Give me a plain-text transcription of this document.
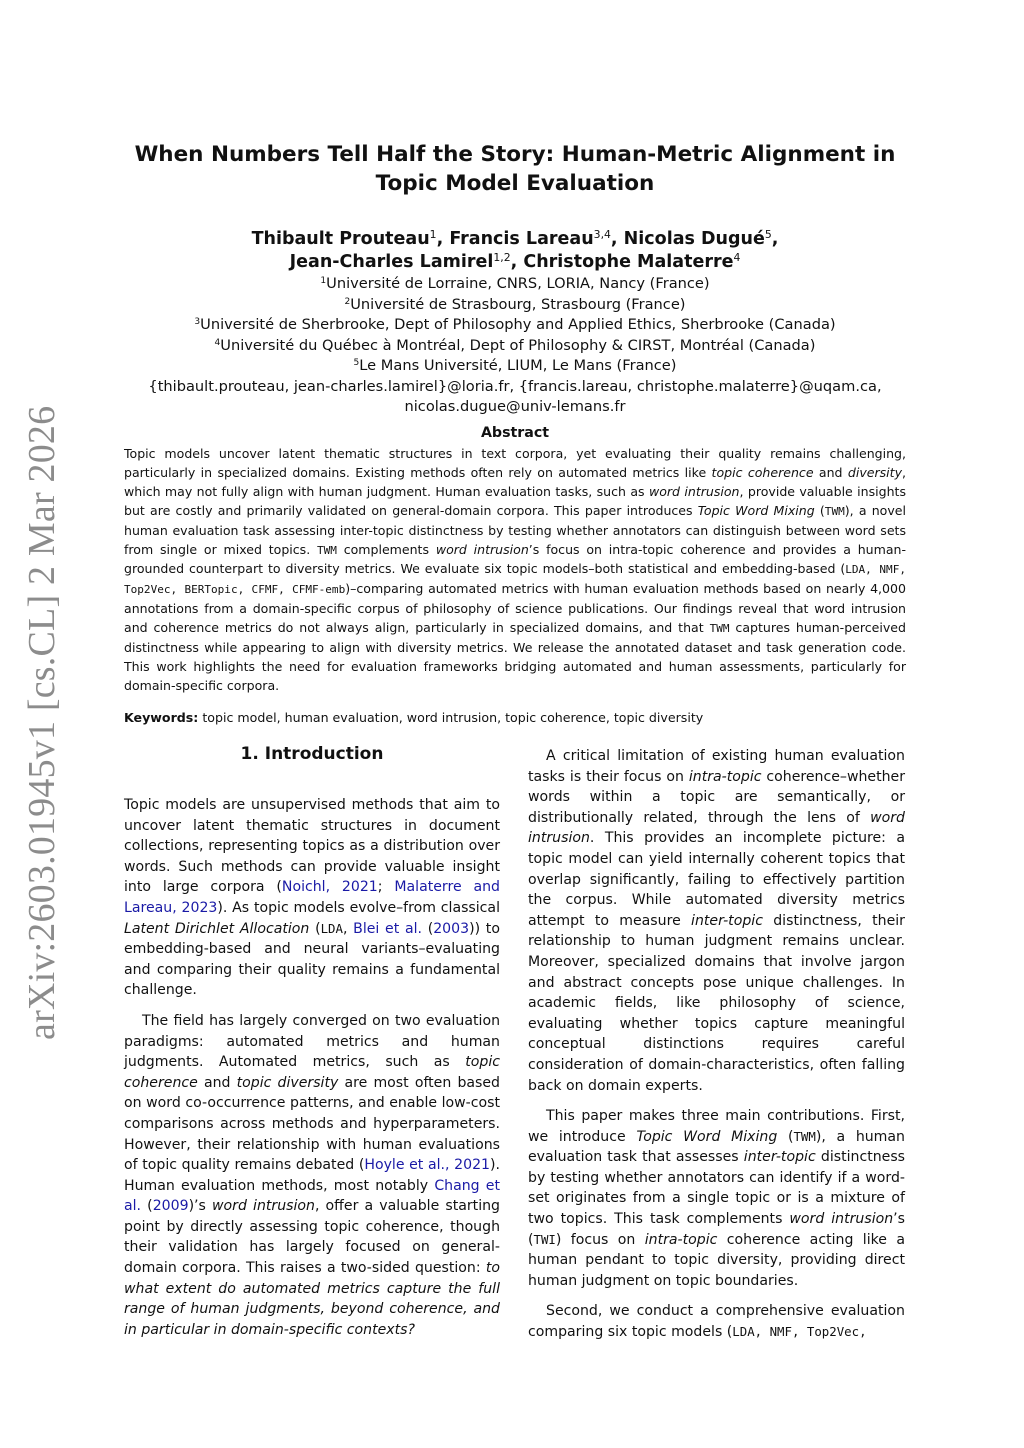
arXiv:2603.01945v1 [cs.CL] 2 Mar 2026
When Numbers Tell Half the Story: Human-Metric Alignment in
Topic Model Evaluation
Thibault Prouteau$^1$, Francis Lareau$^{3,4}$, Nicolas Dugué$^5$,
Jean-Charles Lamirel$^{1,2}$, Christophe Malaterre$^4$
$^1$Université de Lorraine, CNRS, LORIA, Nancy (France)
$^2$Université de Strasbourg, Strasbourg (France)
$^3$Université de Sherbrooke, Dept of Philosophy and Applied Ethics, Sherbrooke (Canada)
$^4$Université du Québec à Montréal, Dept of Philosophy & CIRST, Montréal (Canada)
$^5$Le Mans Université, LIUM, Le Mans (France)
{thibault.prouteau, jean-charles.lamirel}@loria.fr, {francis.lareau, christophe.malaterre}@uqam.ca,
nicolas.dugue@univ-lemans.fr
Abstract
Topic models uncover latent thematic structures in text corpora, yet evaluating their quality remains challenging, particularly in specialized domains. Existing methods often rely on automated metrics like topic coherence and diversity, which may not fully align with human judgment. Human evaluation tasks, such as word intrusion, provide valuable insights but are costly and primarily validated on general-domain corpora. This paper introduces Topic Word Mixing (TWM), a novel human evaluation task assessing inter-topic distinctness by testing whether annotators can distinguish between word sets from single or mixed topics. TWM complements word intrusion’s focus on intra-topic coherence and provides a human-grounded counterpart to diversity metrics. We evaluate six topic models–both statistical and embedding-based (LDA, NMF, Top2Vec, BERTopic, CFMF, CFMF-emb)–comparing automated metrics with human evaluation methods based on nearly 4,000 annotations from a domain-specific corpus of philosophy of science publications. Our findings reveal that word intrusion and coherence metrics do not always align, particularly in specialized domains, and that TWM captures human-perceived distinctness while appearing to align with diversity metrics. We release the annotated dataset and task generation code. This work highlights the need for evaluation frameworks bridging automated and human assessments, particularly for domain-specific corpora.
Keywords: topic model, human evaluation, word intrusion, topic coherence, topic diversity
1. Introduction

Topic models are unsupervised methods that aim to uncover latent thematic structures in document collections, representing topics as a distribution over words. Such methods can provide valuable insight into large corpora (Noichl, 2021; Malaterre and Lareau, 2023). As topic models evolve–from classical Latent Dirichlet Allocation (LDA, Blei et al. (2003)) to embedding-based and neural variants–evaluating and comparing their quality remains a fundamental challenge.

The field has largely converged on two evaluation paradigms: automated metrics and human judgments. Automated metrics, such as topic coherence and topic diversity are most often based on word co-occurrence patterns, and enable low-cost comparisons across methods and hyperparameters. However, their relationship with human evaluations of topic quality remains debated (Hoyle et al., 2021). Human evaluation methods, most notably Chang et al. (2009)’s word intrusion, offer a valuable starting point by directly assessing topic coherence, though their validation has largely focused on general-domain corpora. This raises a two-sided question: to what extent do automated metrics capture the full range of human judgments, beyond coherence, and in particular in domain-specific contexts?

A critical limitation of existing human evaluation tasks is their focus on intra-topic coherence–whether words within a topic are semantically, or distributionally related, through the lens of word intrusion. This provides an incomplete picture: a topic model can yield internally coherent topics that overlap significantly, failing to effectively partition the corpus. While automated diversity metrics attempt to measure inter-topic distinctness, their relationship to human judgment remains unclear. Moreover, specialized domains that involve jargon and abstract concepts pose unique challenges. In academic fields, like philosophy of science, evaluating whether topics capture meaningful conceptual distinctions requires careful consideration of domain-characteristics, often falling back on domain experts.

This paper makes three main contributions. First, we introduce Topic Word Mixing (TWM), a human evaluation task that assesses inter-topic distinctness by testing whether annotators can identify if a word-set originates from a single topic or is a mixture of two topics. This task complements word intrusion’s (TWI) focus on intra-topic coherence acting like a human pendant to topic diversity, providing direct human judgment on topic boundaries.

Second, we conduct a comprehensive evaluation comparing six topic models (LDA, NMF, Top2Vec,
